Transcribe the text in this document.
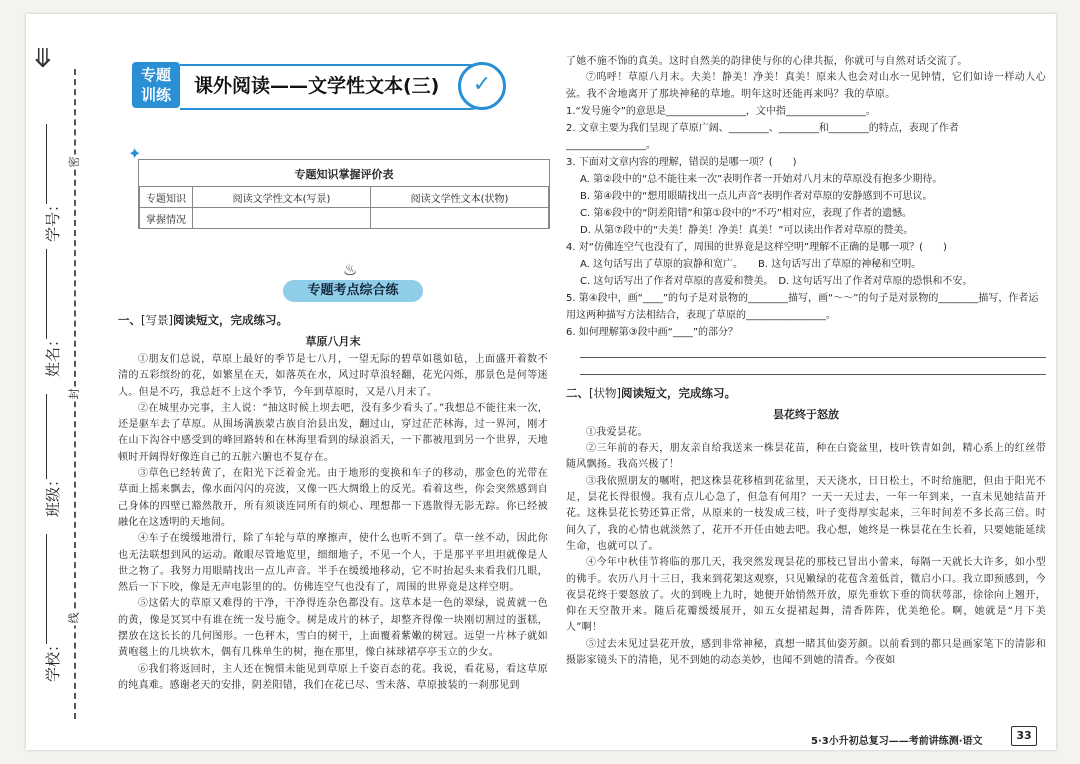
⤋
密
封
线
学号：
姓名：
班级：
学校：
专题
训练	课外阅读——文学性文本(三)	✓
✦
专题知识掌握评价表
专题知识	阅读文学性文本(写景)	阅读文学性文本(状物)
掌握情况		
♨
专题考点综合练
一、[写景]阅读短文，完成练习。
草原八月末

①朋友们总说，草原上最好的季节是七八月，一望无际的碧草如毯如毡，上面盛开着数不清的五彩缤纷的花，如繁星在天，如落英在水，风过时草浪轻翻，花光闪烁，那景色是何等迷人。但是不巧，我总赶不上这个季节，今年到草原时，又是八月末了。

②在城里办完事，主人说：“抽这时候上坝去吧，没有多少看头了。”我想总不能往来一次，还是驱车去了草原。从围场满族蒙古族自治县出发，翻过山，穿过茫茫林海，过一界河，刚才在山下沟谷中感受到的峰回路转和在林海里看到的绿浪滔天，一下都被甩到另一个世界，天地顿时开阔得好像连自己的五脏六腑也不复存在。

③草色已经转黄了，在阳光下泛着金光。由于地形的变换和车子的移动，那金色的光带在草面上摇来飘去，像水面闪闪的亮波，又像一匹大绸缎上的反光。看着这些，你会突然感到自己身体的四壁已豁然散开，所有须谈连同所有的烦心、理想都一下逃散得无影无踪。你已经被融化在这透明的天地间。

④车子在缓缓地滑行，除了车轮与草的摩擦声，使什么也听不到了。草一丝不动，因此你也无法联想到风的运动。敞眼尽管地览里，细细地子，不见一个人，于是那平平坦坦就像是人世之物了。我努力用眼睛找出一点儿声音。半手在缓缓地移动，它不时抬起头来看我们几眼，然后一下下咬，像是无声电影里的的。仿佛连空气也没有了，周围的世界竟是这样空明。

⑤这偌大的草原又难得的干净，干净得连杂色都没有。这草本是一色的翠绿，说黄就一色的黄，像是冥冥中有谁在统一发号施令。树是成片的林子，却整齐得像一块刚切割过的蛋糕，摆放在这长长的几何图形。一色秤木，雪白的树干，上面覆着紫嫩的树冠。远望一片林子就如黄咆毯上的几块软木，偶有几株单生的树，拖在那里，像白袜球裙亭亭玉立的少女。

⑥我们将返回时，主人还在惋惜未能见到草原上千姿百态的花。我说，看花易，看这草原的纯真难。感谢老天的安排，阴差阳错，我们在花已尽、雪未落、草原披装的一刹那见到

了她不施不饰的真美。这时自然美的韵律使与你的心律共振，你就可与自然对话交流了。

⑦呜呼！草原八月末。夫美！静美！净美！真美！原来人也会对山水一见钟情，它们如诗一样动人心弦。我不舍地离开了那块神秘的草地。明年这时还能再来吗？我的草原。

1.“发号施令”的意思是________________，文中指________________。

2. 文章主要为我们呈现了草原广阔、________、________和________的特点，表现了作者________________。

3. 下面对文章内容的理解，错误的是哪一项？(　　)

A. 第②段中的“总不能往来一次”表明作者一开始对八月末的草原没有抱多少期待。

B. 第④段中的“想用眼睛找出一点儿声音”表明作者对草原的安静感到不可思议。

C. 第⑥段中的“阴差阳错”和第①段中的“不巧”相对应，表现了作者的遗憾。

D. 从第⑦段中的“夫美！静美！净美！真美！”可以读出作者对草原的赞美。

4. 对“仿佛连空气也没有了，周围的世界竟是这样空明”理解不正确的是哪一项？(　　)

A. 这句话写出了草原的寂静和宽广。　　B. 这句话写出了草原的神秘和空明。

C. 这句话写出了作者对草原的喜爱和赞美。　D. 这句话写出了作者对草原的恐惧和不安。

5. 第④段中，画“____”的句子是对景物的________描写，画“～～”的句子是对景物的________描写，作者运用这两种描写方法相结合，表现了草原的________________。

6. 如何理解第③段中画“____”的部分？

二、[状物]阅读短文，完成练习。
昙花终于怒放

①我爱昙花。

②三年前的春天，朋友亲自给我送来一株昙花苗，种在白瓷盆里，枝叶铁青如剑，精心系上的红丝带随风飘扬。我高兴极了！

③我依照朋友的嘱咐，把这株昙花移植到花盆里，天天浇水，日日松土，不时给施肥，但由于阳光不足，昙花长得很慢。我有点儿心急了，但急有何用？一天一天过去，一年一年到来，一直未见她结苗开花。这株昙花长势还算正常，从原来的一枝发成三枝，叶子变得厚实起来，三年时间差不多长高三倍。时间久了，我的心情也就淡然了，花开不开任由她去吧。我心想，她终是一株昙花在生长着，只要她能延续生命，也就可以了。

④今年中秋佳节将临的那几天，我突然发现昙花的那枝已冒出小蕾来，每隔一天就长大许多，如小型的佛手。农历八月十三日，我来到花架这观察，只见嫩绿的花苞含羞低首，微启小口。我立即预感到，今夜昙花终于要怒放了。火的到晚上九时，她便开始悄然开放，原先垂软下垂的筒状萼部，徐徐向上翘开，仰在天空散开来。随后花瓣缓缓展开，如五女提裙起舞，清香阵阵，优美绝伦。啊，她就是“月下美人”啊！

⑤过去未见过昙花开放，感到非常神秘，真想一睹其仙姿芳颜。以前看到的都只是画家笔下的清影和摄影家镜头下的清艳，见不到她的动态美妙，也闻不到她的清香。今夜如

5·3小升初总复习——考前讲练测·语文	33
